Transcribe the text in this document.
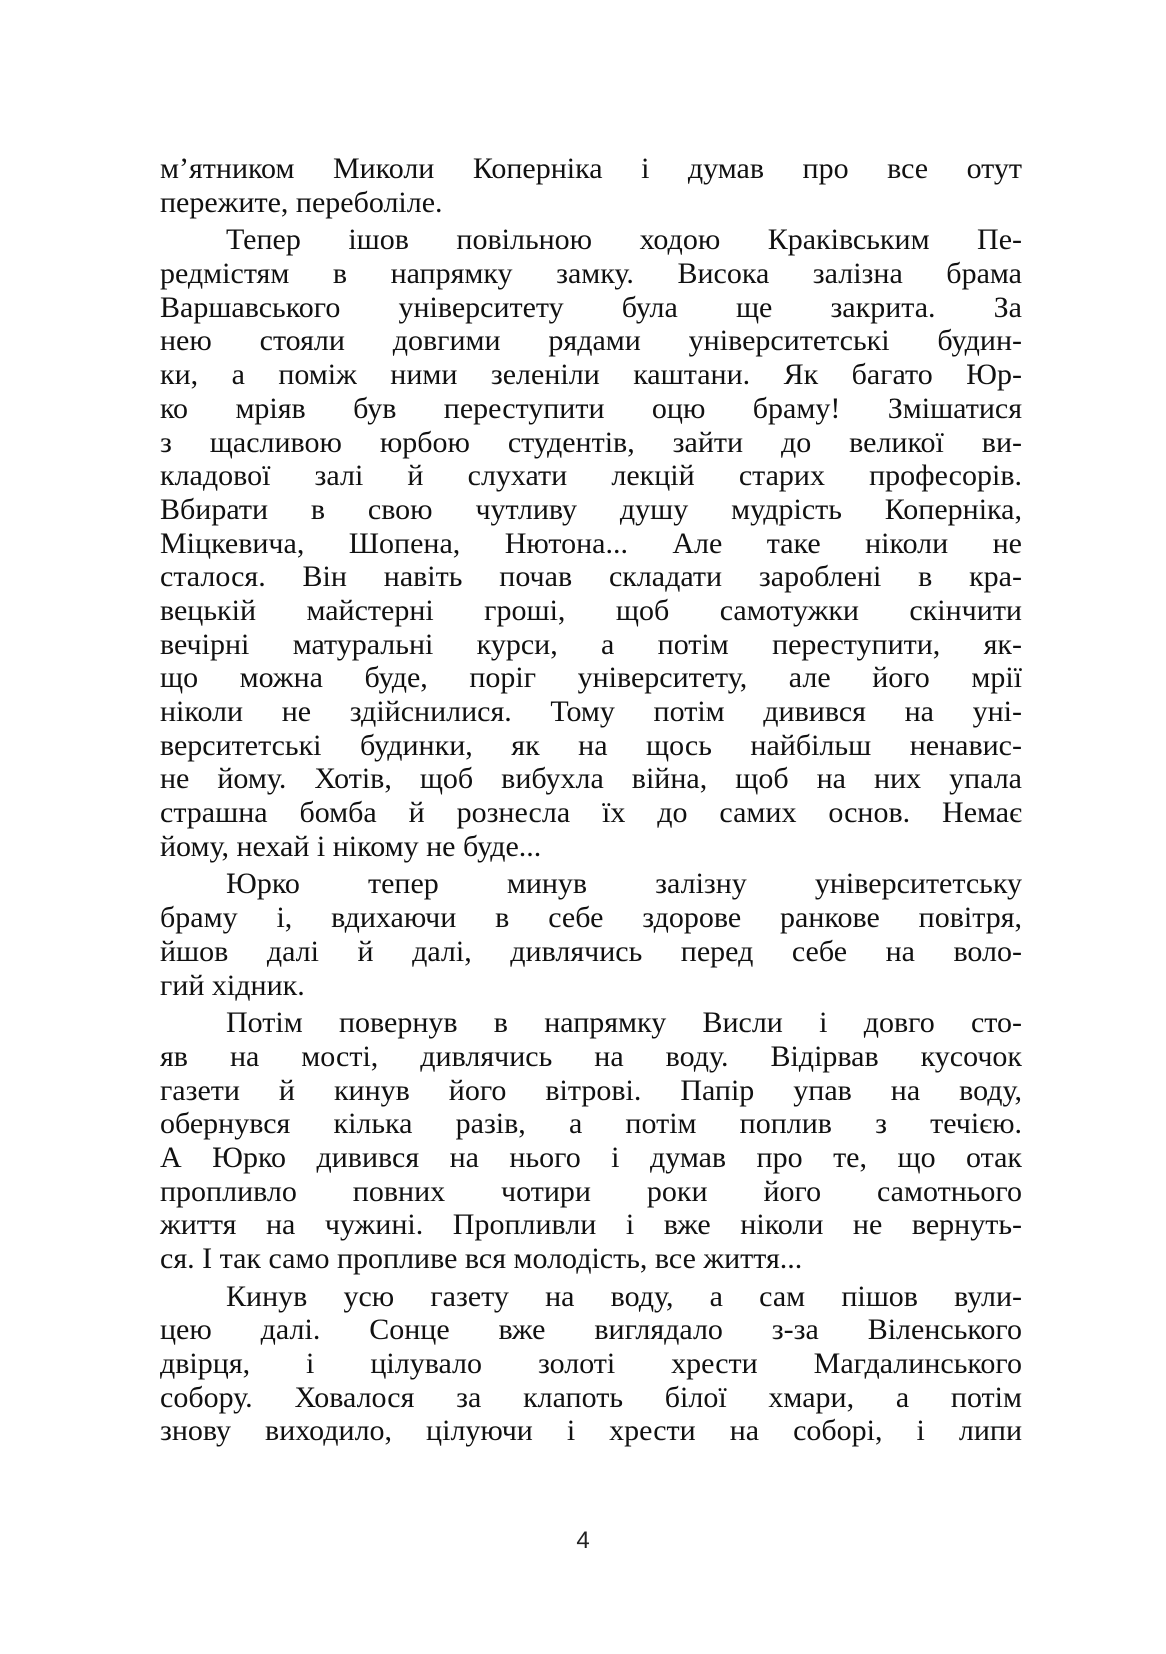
м’ятником Миколи Коперніка і думав про все отут
пережите, переболіле.
Тепер ішов повільною ходою Краківським Пе-
редмістям в напрямку замку. Висока залізна брама
Варшавського університету була ще закрита. За
нею стояли довгими рядами університетські будин-
ки, а поміж ними зеленіли каштани. Як багато Юр-
ко мріяв був переступити оцю браму! Змішатися
з щасливою юрбою студентів, зайти до великої ви-
кладової залі й слухати лекцій старих професорів.
Вбирати в свою чутливу душу мудрість Коперніка,
Міцкевича, Шопена, Нютона... Але таке ніколи не
сталося. Він навіть почав складати зароблені в кра-
вецькій майстерні гроші, щоб самотужки скінчити
вечірні матуральні курси, а потім переступити, як-
що можна буде, поріг університету, але його мрії
ніколи не здійснилися. Тому потім дивився на уні-
верситетські будинки, як на щось найбільш ненавис-
не йому. Хотів, щоб вибухла війна, щоб на них упала
страшна бомба й рознесла їх до самих основ. Немає
йому, нехай і нікому не буде...
Юрко тепер минув залізну університетську
браму і, вдихаючи в себе здорове ранкове повітря,
йшов далі й далі, дивлячись перед себе на воло-
гий хідник.
Потім повернув в напрямку Висли і довго сто-
яв на мості, дивлячись на воду. Відірвав кусочок
газети й кинув його вітрові. Папір упав на воду,
обернувся кілька разів, а потім поплив з течією.
А Юрко дивився на нього і думав про те, що отак
пропливло повних чотири роки його самотнього
життя на чужині. Пропливли і вже ніколи не вернуть-
ся. І так само пропливе вся молодість, все життя...
Кинув усю газету на воду, а сам пішов вули-
цею далі. Сонце вже виглядало з-за Віленського
двірця, і цілувало золоті хрести Магдалинського
собору. Ховалося за клапоть білої хмари, а потім
знову виходило, цілуючи і хрести на соборі, і липи
4
